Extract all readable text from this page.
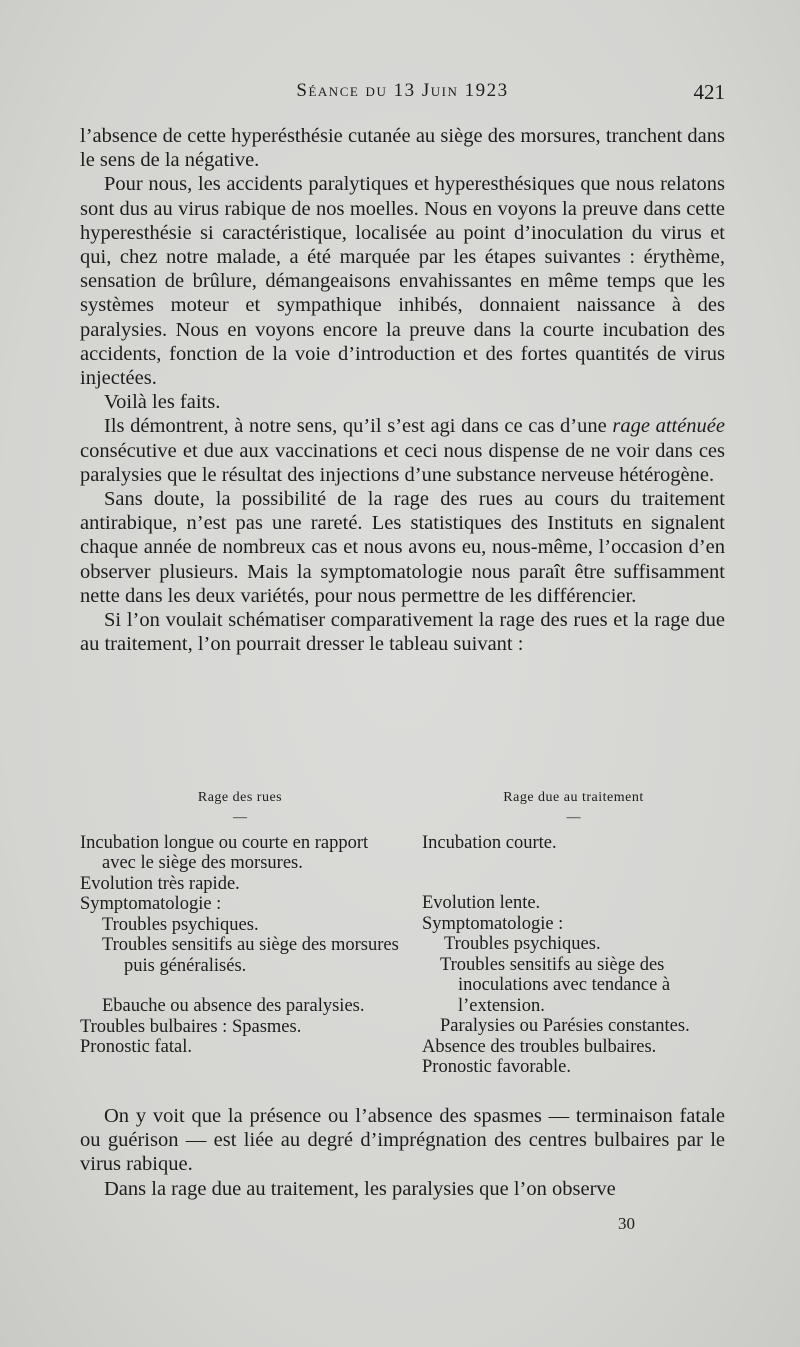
Séance du 13 Juin 1923	421

l’absence de cette hyperésthésie cutanée au siège des morsures, tranchent dans le sens de la négative.

Pour nous, les accidents paralytiques et hyperesthésiques que nous relatons sont dus au virus rabique de nos moelles. Nous en voyons la preuve dans cette hyperesthésie si caractéristique, localisée au point d’inoculation du virus et qui, chez notre malade, a été marquée par les étapes suivantes : érythème, sensation de brûlure, démangeaisons envahissantes en même temps que les systèmes moteur et sympathique inhibés, donnaient naissance à des paralysies. Nous en voyons encore la preuve dans la courte incubation des accidents, fonction de la voie d’introduction et des fortes quantités de virus injectées.

Voilà les faits.

Ils démontrent, à notre sens, qu’il s’est agi dans ce cas d’une rage atténuée consécutive et due aux vaccinations et ceci nous dispense de ne voir dans ces paralysies que le résultat des injections d’une substance nerveuse hétérogène.

Sans doute, la possibilité de la rage des rues au cours du traitement antirabique, n’est pas une rareté. Les statistiques des Instituts en signalent chaque année de nombreux cas et nous avons eu, nous-même, l’occasion d’en observer plusieurs. Mais la symptomatologie nous paraît être suffisamment nette dans les deux variétés, pour nous permettre de les différencier.

Si l’on voulait schématiser comparativement la rage des rues et la rage due au traitement, l’on pourrait dresser le tableau suivant :

Rage des rues
—
Incubation longue ou courte en rapport avec le siège des morsures.
Evolution très rapide.
Symptomatologie :
Troubles psychiques.
Troubles sensitifs au siège des morsures puis généralisés.
Ebauche ou absence des paralysies.
Troubles bulbaires : Spasmes.
Pronostic fatal.
Rage due au traitement
—
Incubation courte.
Evolution lente.
Symptomatologie :
Troubles psychiques.
Troubles sensitifs au siège des inoculations avec tendance à l’extension.
Paralysies ou Parésies constantes.
Absence des troubles bulbaires.
Pronostic favorable.

On y voit que la présence ou l’absence des spasmes — terminaison fatale ou guérison — est liée au degré d’imprégnation des centres bulbaires par le virus rabique.

Dans la rage due au traitement, les paralysies que l’on observe

30
